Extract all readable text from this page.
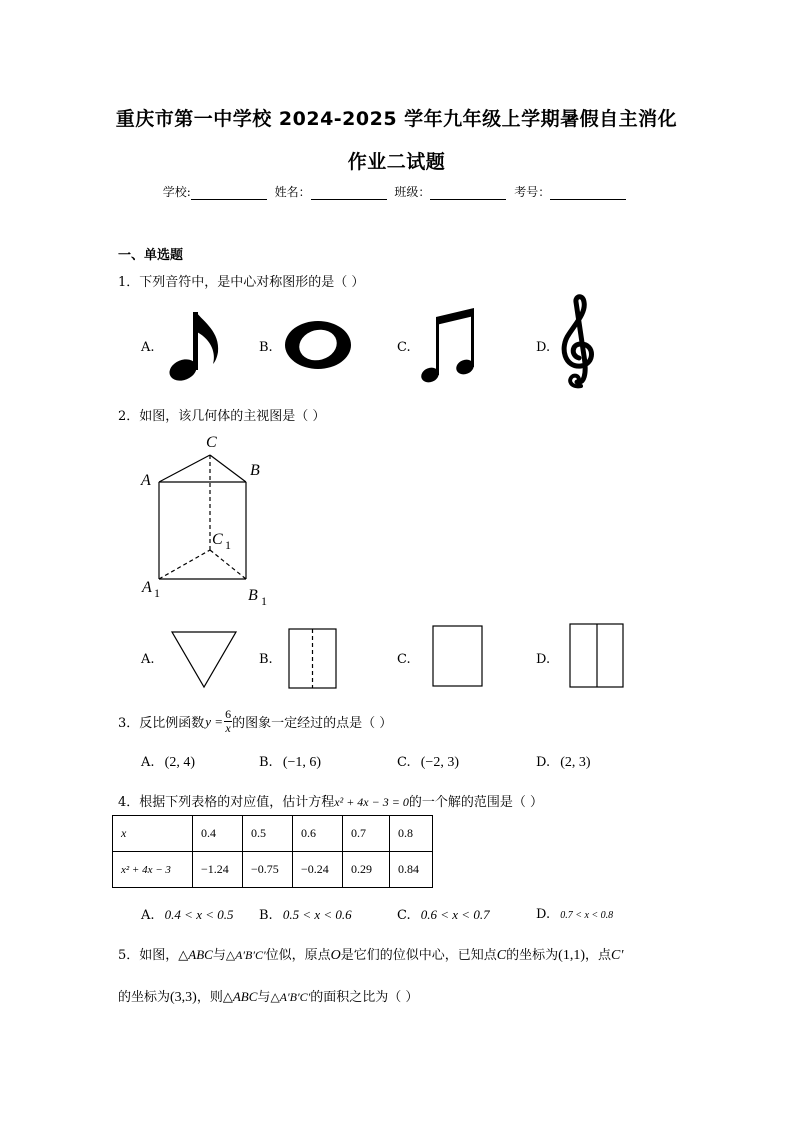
重庆市第一中学校 2024-2025 学年九年级上学期暑假自主消化
作业二试题
学校:	姓名：	班级：	考号：
一、单选题
1．下列音符中，是中心对称图形的是（ ）
A.	B.	C.	D.
2．如图，该几何体的主视图是（ ）
C
A
B
C 1
A 1	B 1
A.	B.	C.	D.
3．反比例函数 $y = \frac{6}{x}$ 的图象一定经过的点是（ ）
A. (2, 4)	B. (−1, 6)	C. (−2, 3)	D. (2, 3)
4．根据下列表格的对应值，估计方程x² + 4x − 3 = 0的一个解的范围是（ ）
x	0.4	0.5	0.6	0.7	0.8
x² + 4x − 3	−1.24	−0.75	−0.24	0.29	0.84
A. 0.4 < x < 0.5 B. 0.5 < x < 0.6	C. 0.6 < x < 0.7	D. 0.7 < x < 0.8
5．如图，△ABC与△A′B′C′位似，原点O是它们的位似中心，已知点C的坐标为(1,1)，点C′
的坐标为(3,3)，则△ABC与△A′B′C′的面积之比为（ ）
